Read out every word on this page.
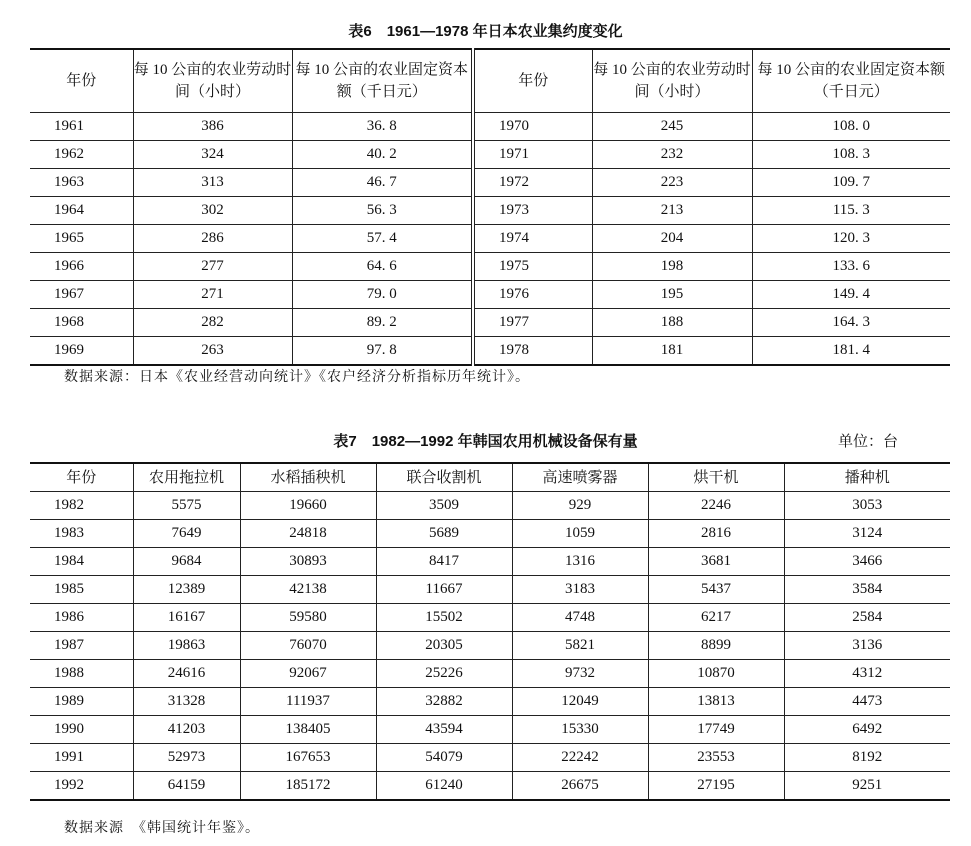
表6　1961—1978 年日本农业集约度变化
年份	每 10 公亩的农业劳动时间（小时）	每 10 公亩的农业固定资本额（千日元）	年份	每 10 公亩的农业劳动时间（小时）	每 10 公亩的农业固定资本额（千日元）
1961	386	36. 8	1970	245	108. 0
1962	324	40. 2	1971	232	108. 3
1963	313	46. 7	1972	223	109. 7
1964	302	56. 3	1973	213	115. 3
1965	286	57. 4	1974	204	120. 3
1966	277	64. 6	1975	198	133. 6
1967	271	79. 0	1976	195	149. 4
1968	282	89. 2	1977	188	164. 3
1969	263	97. 8	1978	181	181. 4
数据来源：日本《农业经营动向统计》《农户经济分析指标历年统计》。
表7　1982—1992 年韩国农用机械设备保有量	单位：台
年份	农用拖拉机	水稻插秧机	联合收割机	高速喷雾器	烘干机	播种机
1982	5575	19660	3509	929	2246	3053
1983	7649	24818	5689	1059	2816	3124
1984	9684	30893	8417	1316	3681	3466
1985	12389	42138	11667	3183	5437	3584
1986	16167	59580	15502	4748	6217	2584
1987	19863	76070	20305	5821	8899	3136
1988	24616	92067	25226	9732	10870	4312
1989	31328	111937	32882	12049	13813	4473
1990	41203	138405	43594	15330	17749	6492
1991	52973	167653	54079	22242	23553	8192
1992	64159	185172	61240	26675	27195	9251
数据来源　《韩国统计年鉴》。
